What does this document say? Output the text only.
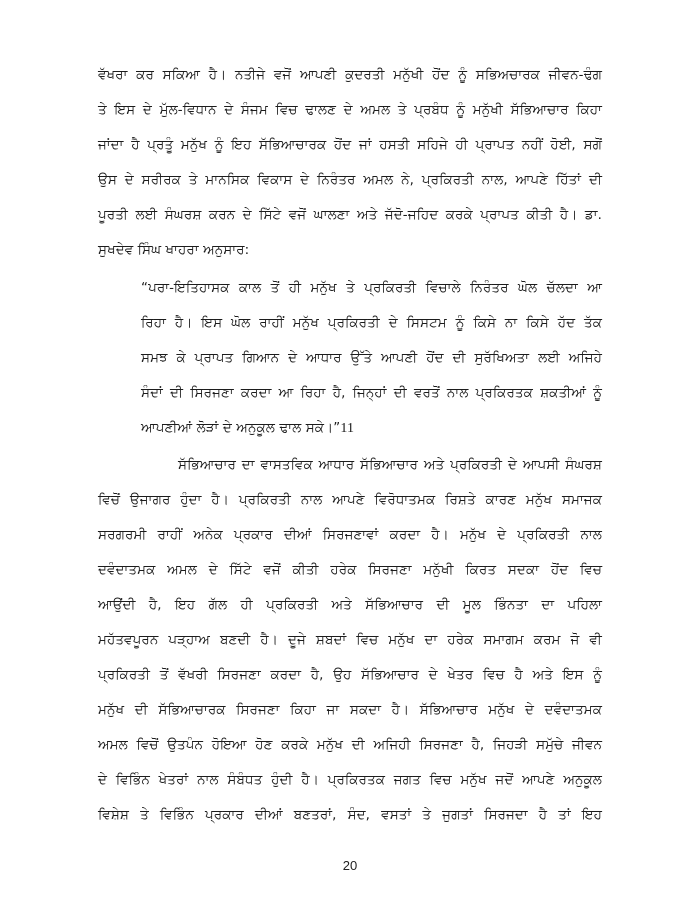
ਵੱਖਰਾ ਕਰ ਸਕਿਆ ਹੈ। ਨਤੀਜੇ ਵਜੋਂ ਆਪਣੀ ਕੁਦਰਤੀ ਮਨੁੱਖੀ ਹੋਂਦ ਨੂੰ ਸਭਿਅਚਾਰਕ ਜੀਵਨ-ਢੰਗ
ਤੇ ਇਸ ਦੇ ਮੁੱਲ-ਵਿਧਾਨ ਦੇ ਸੰਜਮ ਵਿਚ ਢਾਲਣ ਦੇ ਅਮਲ ਤੇ ਪ੍ਰਬੰਧ ਨੂੰ ਮਨੁੱਖੀ ਸੱਭਿਆਚਾਰ ਕਿਹਾ
ਜਾਂਦਾ ਹੈ ਪ੍ਰਤੂੰ ਮਨੁੱਖ ਨੂੰ ਇਹ ਸੱਭਿਆਚਾਰਕ ਹੋਂਦ ਜਾਂ ਹਸਤੀ ਸਹਿਜੇ ਹੀ ਪ੍ਰਾਪਤ ਨਹੀਂ ਹੋਈ, ਸਗੋਂ
ਉਸ ਦੇ ਸਰੀਰਕ ਤੇ ਮਾਨਸਿਕ ਵਿਕਾਸ ਦੇ ਨਿਰੰਤਰ ਅਮਲ ਨੇ, ਪ੍ਰਕਿਰਤੀ ਨਾਲ, ਆਪਣੇ ਹਿੱਤਾਂ ਦੀ
ਪੂਰਤੀ ਲਈ ਸੰਘਰਸ਼ ਕਰਨ ਦੇ ਸਿੱਟੇ ਵਜੋਂ ਘਾਲਣਾ ਅਤੇ ਜੱਦੋ-ਜਹਿਦ ਕਰਕੇ ਪ੍ਰਾਪਤ ਕੀਤੀ ਹੈ। ਡਾ.
ਸੁਖਦੇਵ ਸਿੰਘ ਖਾਹਰਾ ਅਨੁਸਾਰ:
“ਪਰਾ-ਇਤਿਹਾਸਕ ਕਾਲ ਤੋਂ ਹੀ ਮਨੁੱਖ ਤੇ ਪ੍ਰਕਿਰਤੀ ਵਿਚਾਲੇ ਨਿਰੰਤਰ ਘੋਲ ਚੱਲਦਾ ਆ
ਰਿਹਾ ਹੈ। ਇਸ ਘੋਲ ਰਾਹੀਂ ਮਨੁੱਖ ਪ੍ਰਕਿਰਤੀ ਦੇ ਸਿਸਟਮ ਨੂੰ ਕਿਸੇ ਨਾ ਕਿਸੇ ਹੱਦ ਤੱਕ
ਸਮਝ ਕੇ ਪ੍ਰਾਪਤ ਗਿਆਨ ਦੇ ਆਧਾਰ ਉੱਤੇ ਆਪਣੀ ਹੋਂਦ ਦੀ ਸੁਰੱਖਿਅਤਾ ਲਈ ਅਜਿਹੇ
ਸੰਦਾਂ ਦੀ ਸਿਰਜਣਾ ਕਰਦਾ ਆ ਰਿਹਾ ਹੈ, ਜਿਨ੍ਹਾਂ ਦੀ ਵਰਤੋਂ ਨਾਲ ਪ੍ਰਕਿਰਤਕ ਸ਼ਕਤੀਆਂ ਨੂੰ
ਆਪਣੀਆਂ ਲੋੜਾਂ ਦੇ ਅਨੁਕੂਲ ਢਾਲ ਸਕੇ।”11
ਸੱਭਿਆਚਾਰ ਦਾ ਵਾਸਤਵਿਕ ਆਧਾਰ ਸੱਭਿਆਚਾਰ ਅਤੇ ਪ੍ਰਕਿਰਤੀ ਦੇ ਆਪਸੀ ਸੰਘਰਸ਼
ਵਿਚੋਂ ਉਜਾਗਰ ਹੁੰਦਾ ਹੈ। ਪ੍ਰਕਿਰਤੀ ਨਾਲ ਆਪਣੇ ਵਿਰੋਧਾਤਮਕ ਰਿਸ਼ਤੇ ਕਾਰਣ ਮਨੁੱਖ ਸਮਾਜਕ
ਸਰਗਰਮੀ ਰਾਹੀਂ ਅਨੇਕ ਪ੍ਰਕਾਰ ਦੀਆਂ ਸਿਰਜਣਾਵਾਂ ਕਰਦਾ ਹੈ। ਮਨੁੱਖ ਦੇ ਪ੍ਰਕਿਰਤੀ ਨਾਲ
ਦਵੰਦਾਤਮਕ ਅਮਲ ਦੇ ਸਿੱਟੇ ਵਜੋਂ ਕੀਤੀ ਹਰੇਕ ਸਿਰਜਣਾ ਮਨੁੱਖੀ ਕਿਰਤ ਸਦਕਾ ਹੋਂਦ ਵਿਚ
ਆਉਂਦੀ ਹੈ, ਇਹ ਗੱਲ ਹੀ ਪ੍ਰਕਿਰਤੀ ਅਤੇ ਸੱਭਿਆਚਾਰ ਦੀ ਮੂਲ ਭਿੰਨਤਾ ਦਾ ਪਹਿਲਾ
ਮਹੱਤਵਪੂਰਨ ਪੜ੍ਹਾਅ ਬਣਦੀ ਹੈ। ਦੂਜੇ ਸ਼ਬਦਾਂ ਵਿਚ ਮਨੁੱਖ ਦਾ ਹਰੇਕ ਸਮਾਗਮ ਕਰਮ ਜੋ ਵੀ
ਪ੍ਰਕਿਰਤੀ ਤੋਂ ਵੱਖਰੀ ਸਿਰਜਣਾ ਕਰਦਾ ਹੈ, ਉਹ ਸੱਭਿਆਚਾਰ ਦੇ ਖੇਤਰ ਵਿਚ ਹੈ ਅਤੇ ਇਸ ਨੂੰ
ਮਨੁੱਖ ਦੀ ਸੱਭਿਆਚਾਰਕ ਸਿਰਜਣਾ ਕਿਹਾ ਜਾ ਸਕਦਾ ਹੈ। ਸੱਭਿਆਚਾਰ ਮਨੁੱਖ ਦੇ ਦਵੰਦਾਤਮਕ
ਅਮਲ ਵਿਚੋਂ ਉਤਪੰਨ ਹੋਇਆ ਹੋਣ ਕਰਕੇ ਮਨੁੱਖ ਦੀ ਅਜਿਹੀ ਸਿਰਜਣਾ ਹੈ, ਜਿਹੜੀ ਸਮੁੱਚੇ ਜੀਵਨ
ਦੇ ਵਿਭਿੰਨ ਖੇਤਰਾਂ ਨਾਲ ਸੰਬੰਧਤ ਹੁੰਦੀ ਹੈ। ਪ੍ਰਕਿਰਤਕ ਜਗਤ ਵਿਚ ਮਨੁੱਖ ਜਦੋਂ ਆਪਣੇ ਅਨੁਕੂਲ
ਵਿਸ਼ੇਸ਼ ਤੇ ਵਿਭਿੰਨ ਪ੍ਰਕਾਰ ਦੀਆਂ ਬਣਤਰਾਂ, ਸੰਦ, ਵਸਤਾਂ ਤੇ ਜੁਗਤਾਂ ਸਿਰਜਦਾ ਹੈ ਤਾਂ ਇਹ
20
